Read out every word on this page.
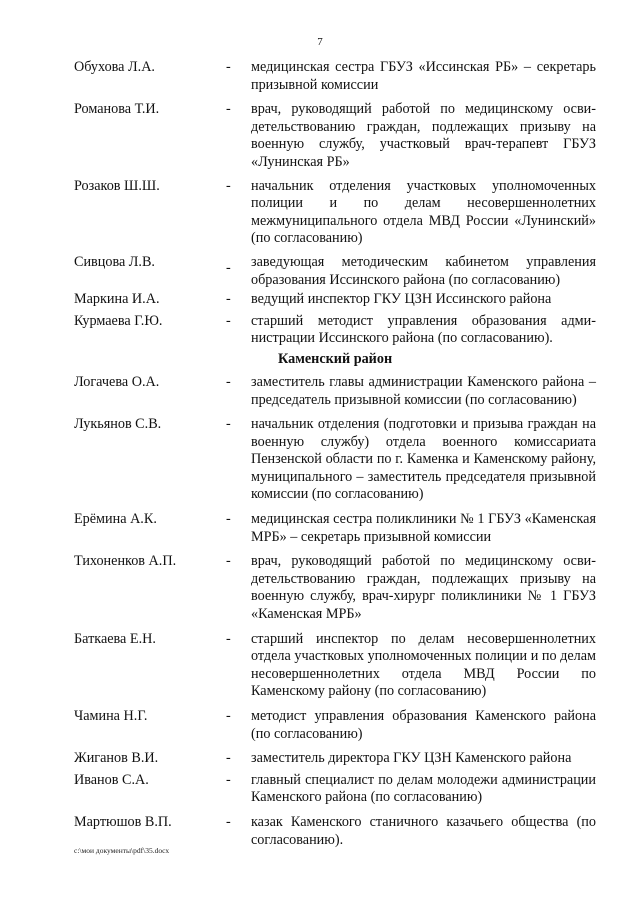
7
Обухова Л.А.	-	медицинская сестра ГБУЗ «Иссинская РБ» – секретарь призывной комиссии
Романова Т.И.	-	врач, руководящий работой по медицинскому освидетельствованию граждан, подлежащих призыву на военную службу, участковый врач-терапевт ГБУЗ «Лунинская РБ»
Розаков Ш.Ш.	-	начальник отделения участковых уполномоченных полиции и по делам несовершеннолетних межмуниципального отдела МВД России «Лунинский» (по согласованию)
Сивцова Л.В.	-	заведующая методическим кабинетом управления образования Иссинского района (по согласованию)
Маркина И.А.	-	ведущий инспектор ГКУ ЦЗН Иссинского района
Курмаева Г.Ю.	-	старший методист управления образования администрации Иссинского района (по согласованию).
Каменский район
Логачева О.А.	-	заместитель главы администрации Каменского района – председатель призывной комиссии (по согласованию)
Лукьянов С.В.	-	начальник отделения (подготовки и призыва граждан на военную службу) отдела военного комиссариата Пензенской области по г. Каменка и Каменскому району, муниципального – заместитель председателя призывной комиссии (по согласованию)
Ерёмина А.К.	-	медицинская сестра поликлиники № 1 ГБУЗ «Каменская МРБ» – секретарь призывной комиссии
Тихоненков А.П.	-	врач, руководящий работой по медицинскому освидетельствованию граждан, подлежащих призыву на военную службу, врач-хирург поликлиники № 1 ГБУЗ «Каменская МРБ»
Баткаева Е.Н.	-	старший инспектор по делам несовершеннолетних отдела участковых уполномоченных полиции и по делам несовершеннолетних отдела МВД России по Каменскому району (по согласованию)
Чамина Н.Г.	-	методист управления образования Каменского района (по согласованию)
Жиганов В.И.	-	заместитель директора ГКУ ЦЗН Каменского района
Иванов С.А.	-	главный специалист по делам молодежи администрации Каменского района (по согласованию)
Мартюшов В.П.	-	казак Каменского станичного казачьего общества (по согласованию).
c:\мои документы\pdf\35.docx
